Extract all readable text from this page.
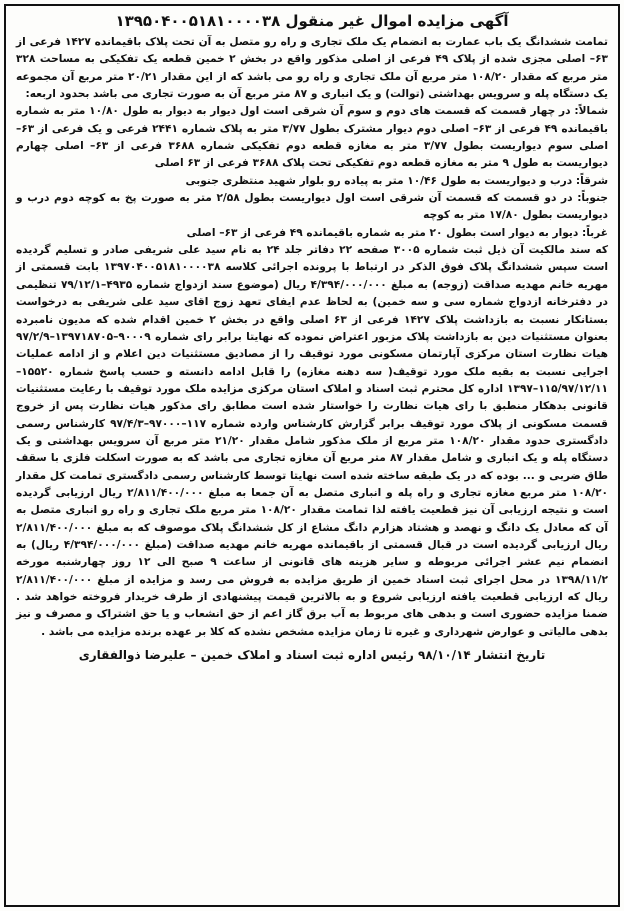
آگهی مزایده اموال غیر منقول ۱۳۹۵۰۴۰۰۵۱۸۱۰۰۰۰۳۸

تمامت ششدانگ یک باب عمارت به انضمام یک ملک تجاری و راه رو متصل به آن تحت پلاک باقیمانده ۱۴۲۷ فرعی از ۶۳– اصلی مجزی شده از پلاک ۴۹ فرعی از اصلی مذکور واقع در بخش ۲ خمین قطعه یک تفکیکی به مساحت ۳۲۸ متر مربع که مقدار ۱۰۸/۲۰ متر مربع آن ملک تجاری و راه رو می باشد که از این مقدار ۲۰/۲۱ متر مربع آن مجموعه یک دستگاه پله و سرویس بهداشتی (توالت) و یک انباری و ۸۷ متر مربع آن به صورت تجاری می باشد بحدود اربعه:

شمالاً: در چهار قسمت که قسمت های دوم و سوم آن شرقی است اول دیوار به دیوار به طول ۱۰/۸۰ متر به شماره باقیمانده ۴۹ فرعی از ۶۳– اصلی دوم دیوار مشترک بطول ۳/۷۷ متر به پلاک شماره ۲۴۴۱ فرعی و یک فرعی از ۶۳– اصلی سوم دیواریست بطول ۳/۷۷ متر به مغازه قطعه دوم تفکیکی شماره ۳۶۸۸ فرعی از ۶۳– اصلی چهارم دیواریست به طول ۹ متر به مغازه قطعه دوم تفکیکی تحت پلاک ۳۶۸۸ فرعی از ۶۳ اصلی

شرقاً: درب و دیواریست به طول ۱۰/۴۶ متر به پیاده رو بلوار شهید منتظری جنوبی

جنوباً: در دو قسمت که قسمت آن شرقی است اول دیواریست بطول ۲/۵۸ متر به صورت پخ به کوچه دوم درب و دیواریست بطول ۱۷/۸۰ متر به کوچه

غرباً: دیوار به دیوار است بطول ۲۰ متر به شماره باقیمانده ۴۹ فرعی از ۶۳– اصلی

که سند مالکیت آن ذیل ثبت شماره ۳۰۰۵ صفحه ۲۲ دفاتر جلد ۲۴ به نام سید علی شریفی صادر و تسلیم گردیده است سپس ششدانگ پلاک فوق الذکر در ارتباط با پرونده اجرائی کلاسه ۱۳۹۷۰۴۰۰۵۱۸۱۰۰۰۰۳۸ بابت قسمتی از مهریه خانم مهدیه صداقت (زوجه) به مبلغ ۴/۳۹۴/۰۰۰/۰۰۰ ریال (موضوع سند ازدواج شماره ۴۹۳۵–۷۹/۱۲/۱ تنظیمی در دفترخانه ازدواج شماره سی و سه خمین) به لحاظ عدم ایفای تعهد زوج اقای سید علی شریفی به درخواست بستانکار نسبت به بازداشت پلاک ۱۴۲۷ فرعی از ۶۳ اصلی واقع در بخش ۲ خمین اقدام شده که مدیون نامبرده بعنوان مستثنیات دین به بازداشت پلاک مزبور اعتراض نموده که نهایتا برابر رای شماره ۹۰۰۰۹–۱۳۹۷۱۸۷۰۵–۹۷/۲/۹ هیات نظارت استان مرکزی آپارتمان مسکونی مورد توقیف را از مصادیق مستثنیات دین اعلام و از ادامه عملیات اجرایی نسبت به بقیه ملک مورد توقیف( سه دهنه مغازه) را قابل ادامه دانسته و حسب پاسخ شماره ۱۵۵۲۰–۱۱۵/۹۷/۱۲/۱۱–۱۳۹۷ اداره کل محترم ثبت اسناد و املاک استان مرکزی مزایده ملک مورد توقیف با رعایت مستثنیات قانونی بدهکار منطبق با رای هیات نظارت را خواستار شده است مطابق رای مذکور هیات نظارت پس از خروج قسمت مسکونی از پلاک مورد توقیف برابر گزارش کارشناس وارده شماره ۱۱۷–۹۷۰۰۰–۹۷/۴/۳ کارشناس رسمی دادگستری حدود مقدار ۱۰۸/۲۰ متر مربع از ملک مذکور شامل مقدار ۲۱/۲۰ متر مربع آن سرویس بهداشتی و یک دستگاه پله و یک انباری و شامل مقدار ۸۷ متر مربع آن مغازه تجاری می باشد که به صورت اسکلت فلزی با سقف طاق ضربی و ... بوده که در یک طبقه ساخته شده است نهایتا توسط کارشناس رسمی دادگستری تمامت کل مقدار ۱۰۸/۲۰ متر مربع مغازه تجاری و راه پله و انباری متصل به آن جمعا به مبلغ ۲/۸۱۱/۴۰۰/۰۰۰ ریال ارزیابی گردیده است و نتیجه ارزیابی آن نیز قطعیت یافته لذا تمامت مقدار ۱۰۸/۲۰ متر مربع ملک تجاری و راه رو انباری متصل به آن که معادل یک دانگ و نهصد و هشتاد هزارم دانگ مشاع از کل ششدانگ پلاک موصوف که به مبلغ ۲/۸۱۱/۴۰۰/۰۰۰ ریال ارزیابی گردیده است در قبال قسمتی از باقیمانده مهریه خانم مهدیه صداقت (مبلغ ۴/۳۹۴/۰۰۰/۰۰۰ ریال) به انضمام نیم عشر اجرائی مربوطه و سایر هزینه های قانونی از ساعت ۹ صبح الی ۱۲ روز چهارشنبه مورخه ۱۳۹۸/۱۱/۲ در محل اجرای ثبت اسناد خمین از طریق مزایده به فروش می رسد و مزایده از مبلغ ۲/۸۱۱/۴۰۰/۰۰۰ ریال که ارزیابی قطعیت یافته ارزیابی شروع و به بالاترین قیمت پیشنهادی از طرف خریدار فروخته خواهد شد . ضمنا مزایده حضوری است و بدهی های مربوط به آب برق گاز اعم از حق انشعاب و یا حق اشتراک و مصرف و نیز بدهی مالیاتی و عوارض شهرداری و غیره تا زمان مزایده مشخص نشده که کلا بر عهده برنده مزایده می باشد .

تاریخ انتشار ۹۸/۱۰/۱۴ رئیس اداره ثبت اسناد و املاک خمین – علیرضا ذوالفقاری
